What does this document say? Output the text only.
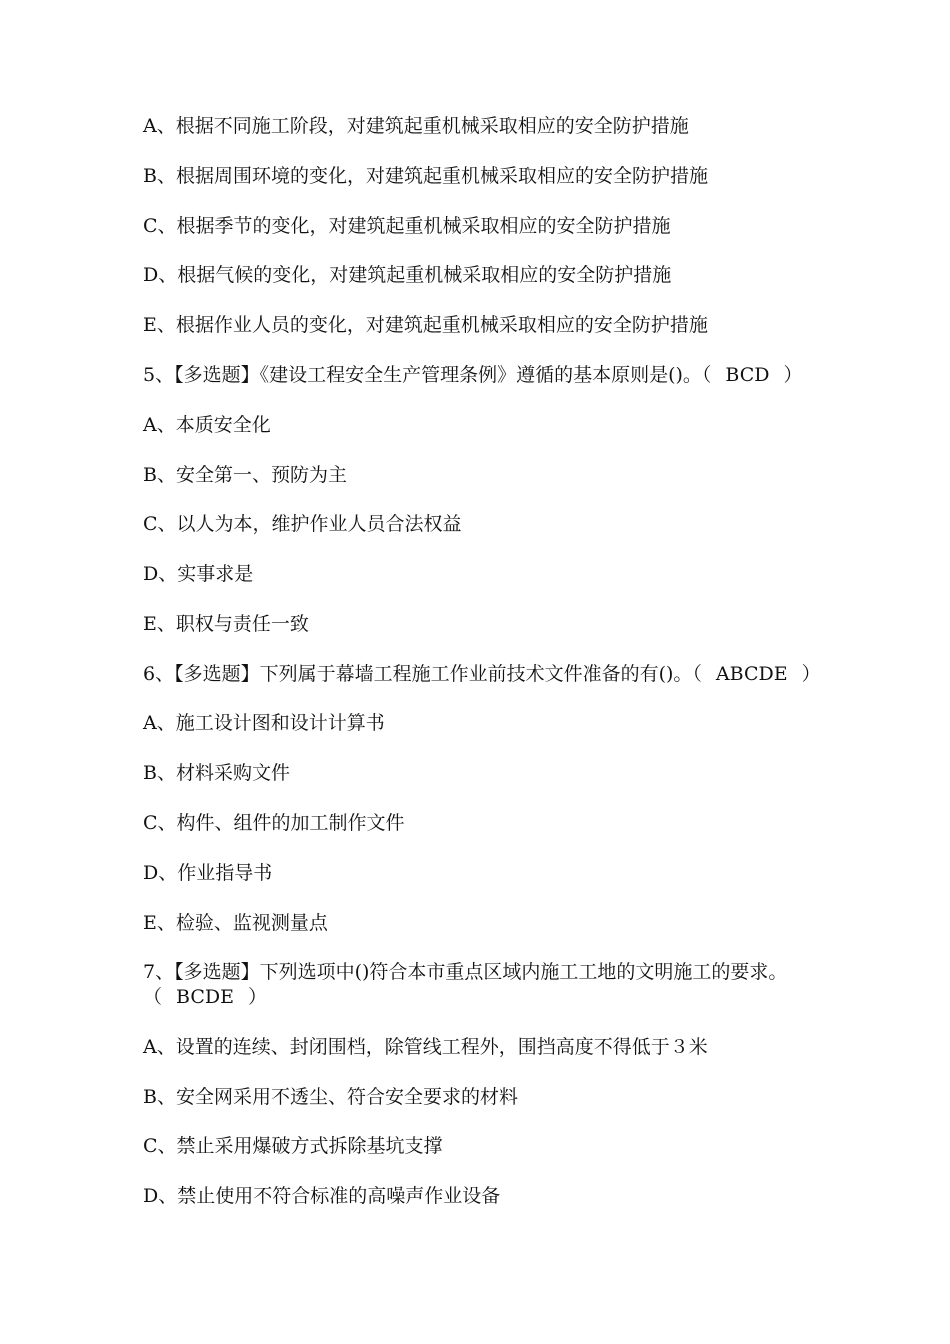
A、根据不同施工阶段，对建筑起重机械采取相应的安全防护措施
B、根据周围环境的变化，对建筑起重机械采取相应的安全防护措施
C、根据季节的变化，对建筑起重机械采取相应的安全防护措施
D、根据气候的变化，对建筑起重机械采取相应的安全防护措施
E、根据作业人员的变化，对建筑起重机械采取相应的安全防护措施
5、【多选题】《建设工程安全生产管理条例》遵循的基本原则是()。（ BCD ）
A、本质安全化
B、安全第一、预防为主
C、以人为本，维护作业人员合法权益
D、实事求是
E、职权与责任一致
6、【多选题】下列属于幕墙工程施工作业前技术文件准备的有()。（ ABCDE ）
A、施工设计图和设计计算书
B、材料采购文件
C、构件、组件的加工制作文件
D、作业指导书
E、检验、监视测量点
7、【多选题】下列选项中()符合本市重点区域内施工工地的文明施工的要求。
（ BCDE ）
A、设置的连续、封闭围档，除管线工程外，围挡高度不得低于３米
B、安全网采用不透尘、符合安全要求的材料
C、禁止采用爆破方式拆除基坑支撑
D、禁止使用不符合标准的高噪声作业设备
